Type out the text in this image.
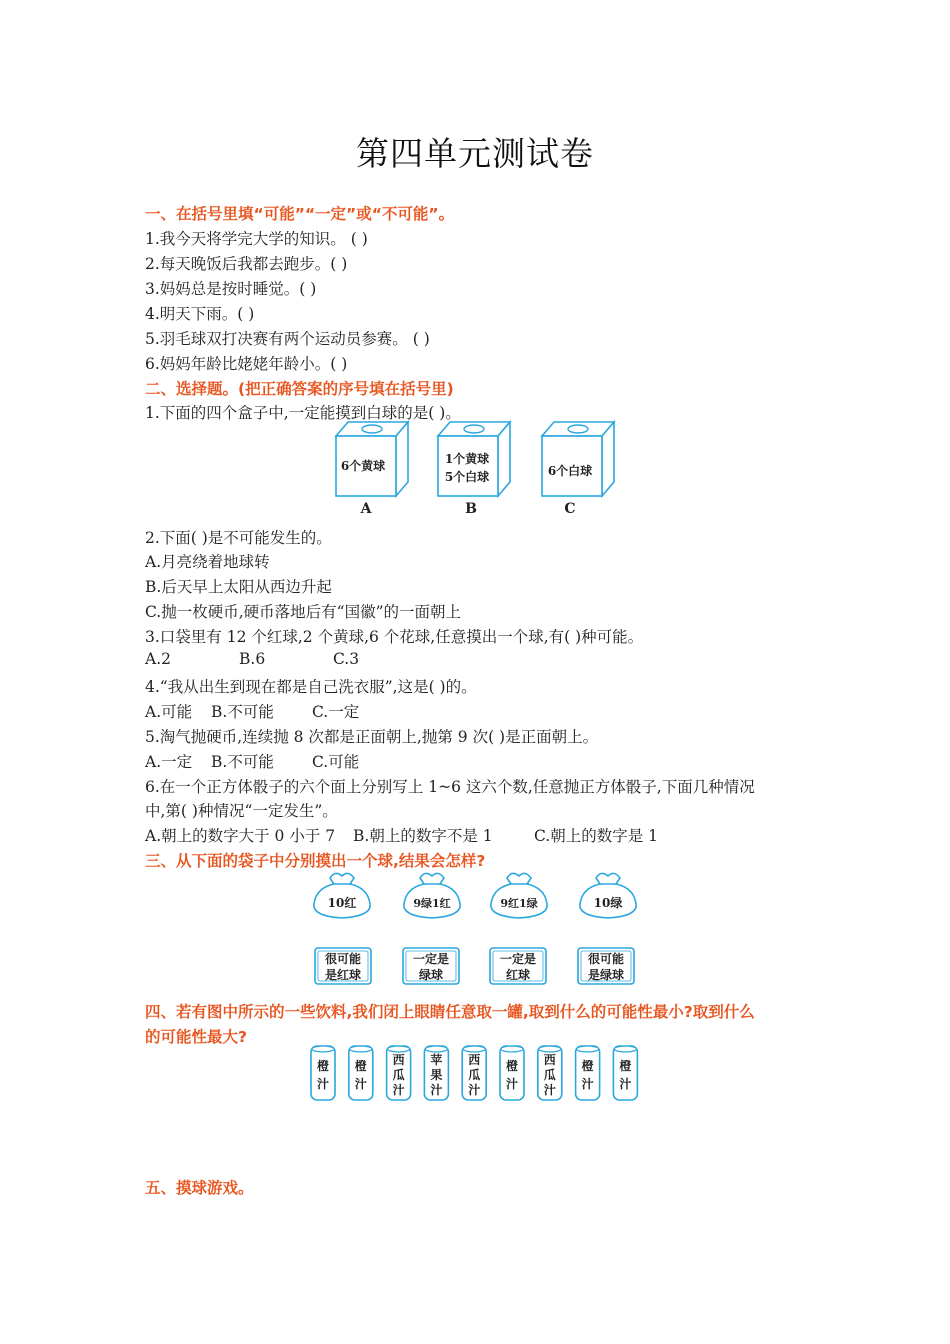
第四单元测试卷
一、在括号里填“可能”“一定”或“不可能”。
1.我今天将学完大学的知识。 ( )
2.每天晚饭后我都去跑步。( )
3.妈妈总是按时睡觉。( )
4.明天下雨。( )
5.羽毛球双打决赛有两个运动员参赛。 ( )
6.妈妈年龄比姥姥年龄小。( )
二、选择题。(把正确答案的序号填在括号里)
1.下面的四个盒子中,一定能摸到白球的是( )。
6个黄球
A
1个黄球
5个白球
B
6个白球
C
2.下面( )是不可能发生的。
A.月亮绕着地球转
B.后天早上太阳从西边升起
C.抛一枚硬币,硬币落地后有“国徽”的一面朝上
3.口袋里有 12 个红球,2 个黄球,6 个花球,任意摸出一个球,有( )种可能。
A.2	B.6	C.3
4.“我从出生到现在都是自己洗衣服”,这是( )的。
A.可能 B.不可能 C.一定
5.淘气抛硬币,连续抛 8 次都是正面朝上,抛第 9 次( )是正面朝上。
A.一定 B.不可能 C.可能
6.在一个正方体骰子的六个面上分别写上 1~6 这六个数,任意抛正方体骰子,下面几种情况
中,第( )种情况“一定发生”。
A.朝上的数字大于 0 小于 7 B.朝上的数字不是 1	C.朝上的数字是 1
三、从下面的袋子中分别摸出一个球,结果会怎样?
10红	9绿1红	9红1绿	10绿
很可能
是红球
一定是
绿球
一定是
红球
很可能
是绿球
四、若有图中所示的一些饮料,我们闭上眼睛任意取一罐,取到什么的可能性最小?取到什么
的可能性最大?
橙
汁
橙
汁
西
瓜
汁
苹
果
汁
西
瓜
汁
橙
汁
西
瓜
汁
橙
汁
橙
汁
五、摸球游戏。
